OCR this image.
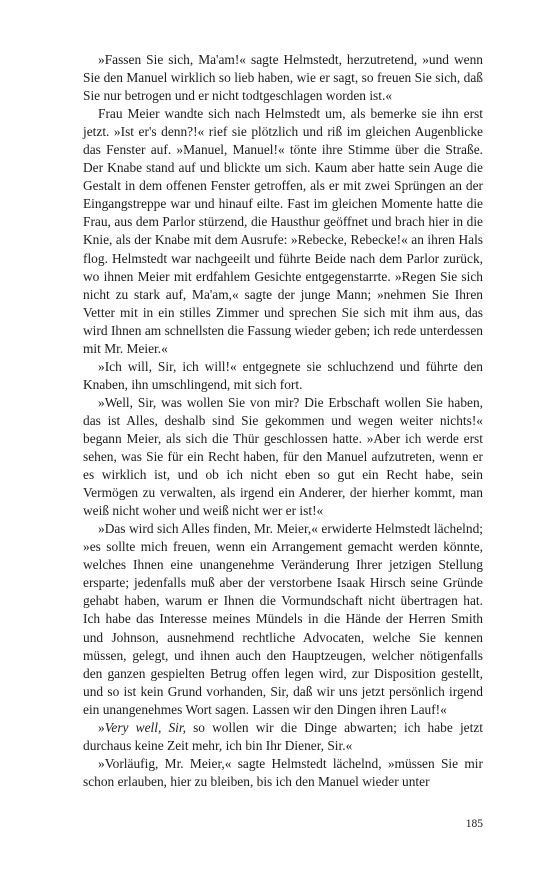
»Fassen Sie sich, Ma'am!« sagte Helmstedt, herzutretend, »und wenn Sie den Manuel wirklich so lieb haben, wie er sagt, so freuen Sie sich, daß Sie nur betrogen und er nicht todtgeschlagen worden ist.«

Frau Meier wandte sich nach Helmstedt um, als bemerke sie ihn erst jetzt. »Ist er's denn?!« rief sie plötzlich und riß im gleichen Augenblicke das Fenster auf. »Manuel, Manuel!« tönte ihre Stimme über die Straße. Der Knabe stand auf und blickte um sich. Kaum aber hatte sein Auge die Gestalt in dem offenen Fenster getroffen, als er mit zwei Sprüngen an der Eingangstreppe war und hinauf eilte. Fast im gleichen Momente hatte die Frau, aus dem Parlor stürzend, die Hausthur geöffnet und brach hier in die Knie, als der Knabe mit dem Ausrufe: »Rebecke, Rebecke!« an ihren Hals flog. Helmstedt war nachgeeilt und führte Beide nach dem Parlor zurück, wo ihnen Meier mit erdfahlem Gesichte entgegenstarrte. »Regen Sie sich nicht zu stark auf, Ma'am,« sagte der junge Mann; »nehmen Sie Ihren Vetter mit in ein stilles Zimmer und sprechen Sie sich mit ihm aus, das wird Ihnen am schnellsten die Fassung wieder geben; ich rede unterdessen mit Mr. Meier.«

»Ich will, Sir, ich will!« entgegnete sie schluchzend und führte den Knaben, ihn umschlingend, mit sich fort.

»Well, Sir, was wollen Sie von mir? Die Erbschaft wollen Sie haben, das ist Alles, deshalb sind Sie gekommen und wegen weiter nichts!« begann Meier, als sich die Thür geschlossen hatte. »Aber ich werde erst sehen, was Sie für ein Recht haben, für den Manuel aufzutreten, wenn er es wirklich ist, und ob ich nicht eben so gut ein Recht habe, sein Vermögen zu verwalten, als irgend ein Anderer, der hierher kommt, man weiß nicht woher und weiß nicht wer er ist!«

»Das wird sich Alles finden, Mr. Meier,« erwiderte Helmstedt lächelnd; »es sollte mich freuen, wenn ein Arrangement gemacht werden könnte, welches Ihnen eine unangenehme Veränderung Ihrer jetzigen Stellung ersparte; jedenfalls muß aber der verstorbene Isaak Hirsch seine Gründe gehabt haben, warum er Ihnen die Vormundschaft nicht übertragen hat. Ich habe das Interesse meines Mündels in die Hände der Herren Smith und Johnson, ausnehmend rechtliche Advocaten, welche Sie kennen müssen, gelegt, und ihnen auch den Hauptzeugen, welcher nötigenfalls den ganzen gespielten Betrug offen legen wird, zur Disposition gestellt, und so ist kein Grund vorhanden, Sir, daß wir uns jetzt persönlich irgend ein unangenehmes Wort sagen. Lassen wir den Dingen ihren Lauf!«

»Very well, Sir, so wollen wir die Dinge abwarten; ich habe jetzt durchaus keine Zeit mehr, ich bin Ihr Diener, Sir.«

»Vorläufig, Mr. Meier,« sagte Helmstedt lächelnd, »müssen Sie mir schon erlauben, hier zu bleiben, bis ich den Manuel wieder unter

185
